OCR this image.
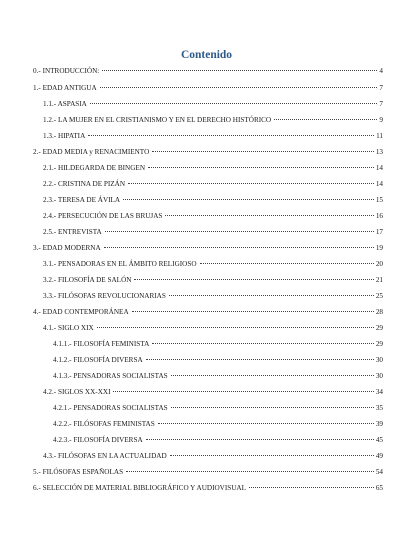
Contenido
0.- INTRODUCCIÓN:	4
1.- EDAD ANTIGUA	7
1.1.- ASPASIA	7
1.2.- LA MUJER EN EL CRISTIANISMO Y EN EL DERECHO HISTÓRICO	9
1.3.- HIPATIA	11
2.- EDAD MEDIA y RENACIMIENTO	13
2.1.- HILDEGARDA DE BINGEN	14
2.2.- CRISTINA DE PIZÁN	14
2.3.- TERESA DE ÁVILA	15
2.4.- PERSECUCIÓN DE LAS BRUJAS	16
2.5.- ENTREVISTA	17
3.- EDAD MODERNA	19
3.1.- PENSADORAS EN EL ÁMBITO RELIGIOSO	20
3.2.- FILOSOFÍA DE SALÓN	21
3.3.- FILÓSOFAS REVOLUCIONARIAS	25
4.- EDAD CONTEMPORÁNEA	28
4.1.- SIGLO XIX	29
4.1.1.- FILOSOFÍA FEMINISTA	29
4.1.2.- FILOSOFÍA DIVERSA	30
4.1.3.- PENSADORAS SOCIALISTAS	30
4.2.- SIGLOS XX-XXI	34
4.2.1.- PENSADORAS SOCIALISTAS	35
4.2.2.- FILÓSOFAS FEMINISTAS	39
4.2.3.- FILOSOFÍA DIVERSA	45
4.3.- FILÓSOFAS EN LA ACTUALIDAD	49
5.- FILÓSOFAS ESPAÑOLAS	54
6.- SELECCIÓN DE MATERIAL BIBLIOGRÁFICO Y AUDIOVISUAL	65
